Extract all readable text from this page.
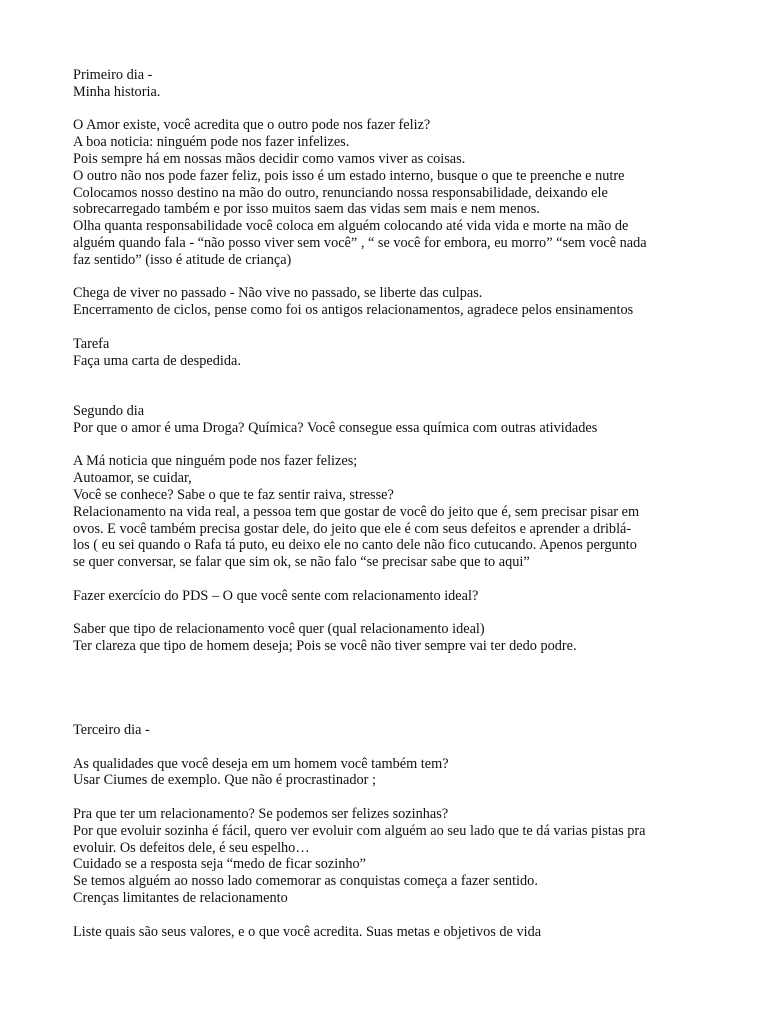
Primeiro dia -
Minha historia.
O Amor existe, você acredita que o outro pode nos fazer feliz?
A boa noticia: ninguém pode nos fazer infelizes.
Pois sempre há em nossas mãos decidir como vamos viver as coisas.
O outro não nos pode fazer feliz, pois isso é um estado interno, busque o que te preenche e nutre
Colocamos nosso destino na mão do outro, renunciando nossa responsabilidade, deixando ele
sobrecarregado também e por isso muitos saem das vidas sem mais e nem menos.
Olha quanta responsabilidade você coloca em alguém colocando até vida vida e morte na mão de
alguém quando fala - “não posso viver sem você” , “ se você for embora, eu morro” “sem você nada
faz sentido” (isso é atitude de criança)
Chega de viver no passado - Não vive no passado, se liberte das culpas.
Encerramento de ciclos, pense como foi os antigos relacionamentos, agradece pelos ensinamentos
Tarefa
Faça uma carta de despedida.
Segundo dia
Por que o amor é uma Droga? Química? Você consegue essa química com outras atividades
A Má noticia que ninguém pode nos fazer felizes;
Autoamor, se cuidar,
Você se conhece? Sabe o que te faz sentir raiva, stresse?
Relacionamento na vida real, a pessoa tem que gostar de você do jeito que é, sem precisar pisar em
ovos. E você também precisa gostar dele, do jeito que ele é com seus defeitos e aprender a driblá-
los ( eu sei quando o Rafa tá puto, eu deixo ele no canto dele não fico cutucando. Apenos pergunto
se quer conversar, se falar que sim ok, se não falo “se precisar sabe que to aqui”
Fazer exercício do PDS – O que você sente com relacionamento ideal?
Saber que tipo de relacionamento você quer (qual relacionamento ideal)
Ter clareza que tipo de homem deseja; Pois se você não tiver sempre vai ter dedo podre.
Terceiro dia -
As qualidades que você deseja em um homem você também tem?
Usar Ciumes de exemplo. Que não é procrastinador ;
Pra que ter um relacionamento? Se podemos ser felizes sozinhas?
Por que evoluir sozinha é fácil, quero ver evoluir com alguém ao seu lado que te dá varias pistas pra
evoluir. Os defeitos dele, é seu espelho…
Cuidado se a resposta seja “medo de ficar sozinho”
Se temos alguém ao nosso lado comemorar as conquistas começa a fazer sentido.
Crenças limitantes de relacionamento
Liste quais são seus valores, e o que você acredita. Suas metas e objetivos de vida
